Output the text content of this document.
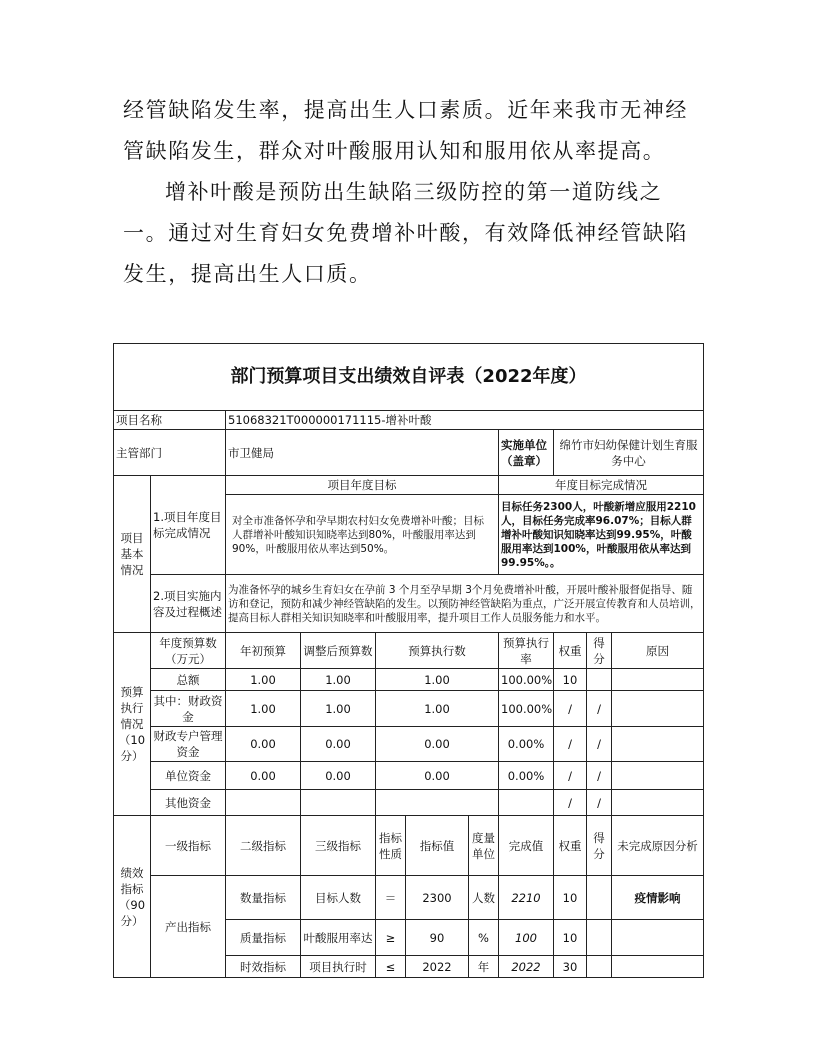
经管缺陷发生率，提高出生人口素质。近年来我市无神经管缺陷发生，群众对叶酸服用认知和服用依从率提高。

增补叶酸是预防出生缺陷三级防控的第一道防线之一。通过对生育妇女免费增补叶酸，有效降低神经管缺陷发生，提高出生人口质。

部门预算项目支出绩效自评表（2022年度）										
项目名称		51068321T000000171115-增补叶酸								
主管部门		市卫健局					实施单位（盖章）	绵竹市妇幼保健计划生育服务中心		
项目基本情况	1.项目年度目标完成情况	项目年度目标					年度目标完成情况			
		对全市准备怀孕和孕早期农村妇女免费增补叶酸；目标人群增补叶酸知识知晓率达到80%，叶酸服用率达到90%，叶酸服用依从率达到50%。					目标任务2300人，叶酸新增应服用2210人，目标任务完成率96.07%；目标人群增补叶酸知识知晓率达到99.95%，叶酸服用率达到100%，叶酸服用依从率达到99.95%。。			
	2.项目实施内容及过程概述	为准备怀孕的城乡生育妇女在孕前 3 个月至孕早期 3个月免费增补叶酸，开展叶酸补服督促指导、随访和登记，预防和减少神经管缺陷的发生。以预防神经管缺陷为重点，广泛开展宣传教育和人员培训，提高目标人群相关知识知晓率和叶酸服用率，提升项目工作人员服务能力和水平。								
预算执行情况（10分）	年度预算数（万元）	年初预算	调整后预算数	预算执行数			预算执行率	权重	得分	原因
	总额	1.00	1.00	1.00			100.00%	10		
	其中：财政资金	1.00	1.00	1.00			100.00%	/	/	
	财政专户管理资金	0.00	0.00	0.00			0.00%	/	/	
	单位资金	0.00	0.00	0.00			0.00%	/	/	
	其他资金							/	/	
绩效指标（90分）	一级指标	二级指标	三级指标	指标性质	指标值	度量单位	完成值	权重	得分	未完成原因分析
	产出指标	数量指标	目标人数	＝	2300	人数	2210	10		疫情影响
		质量指标	叶酸服用率达	≥	90	%	100	10		
		时效指标	项目执行时	≤	2022	年	2022	30		
